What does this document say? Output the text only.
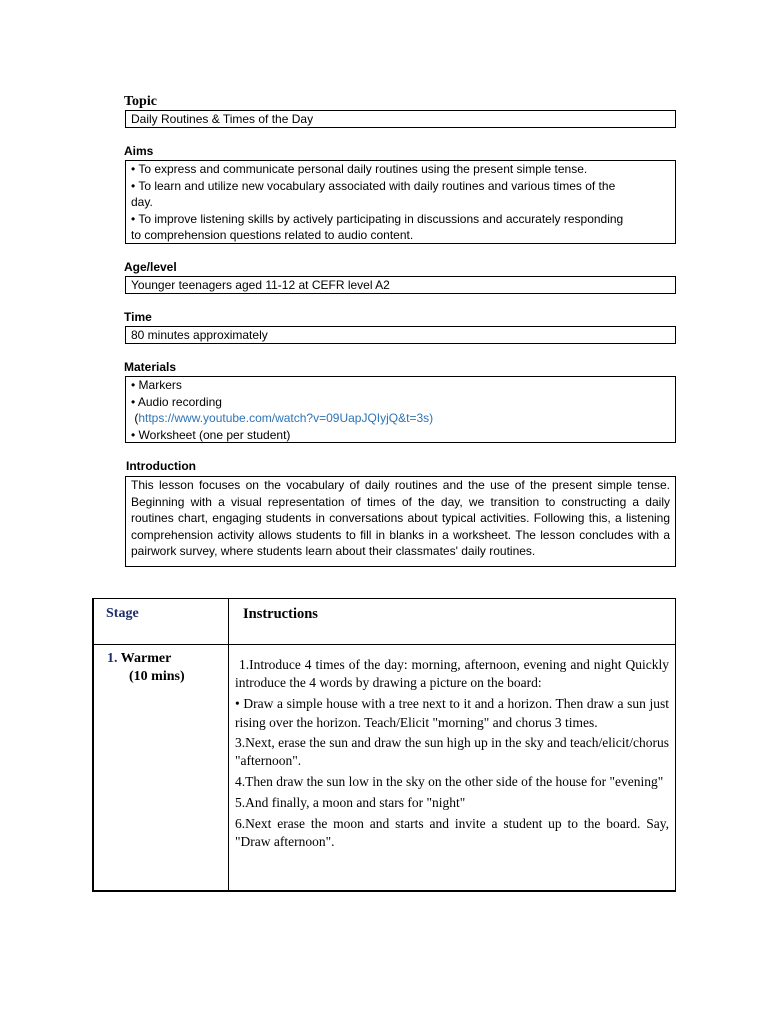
Topic
Daily Routines & Times of the Day
Aims
• To express and communicate personal daily routines using the present simple tense.
• To learn and utilize new vocabulary associated with daily routines and various times of the
day.
• To improve listening skills by actively participating in discussions and accurately responding
to comprehension questions related to audio content.
Age/level
Younger teenagers aged 11-12 at CEFR level A2
Time
80 minutes approximately
Materials
• Markers
• Audio recording
(https://www.youtube.com/watch?v=09UapJQIyjQ&t=3s)
• Worksheet (one per student)
Introduction
This lesson focuses on the vocabulary of daily routines and the use of the present simple tense. Beginning with a visual representation of times of the day, we transition to constructing a daily routines chart, engaging students in conversations about typical activities. Following this, a listening comprehension activity allows students to fill in blanks in a worksheet. The lesson concludes with a pairwork survey, where students learn about their classmates' daily routines.
Stage	Instructions
1. Warmer
(10 mins)

1.Introduce 4 times of the day: morning, afternoon, evening and night Quickly introduce the 4 words by drawing a picture on the board:

• Draw a simple house with a tree next to it and a horizon. Then draw a sun just rising over the horizon. Teach/Elicit "morning" and chorus 3 times.

3.Next, erase the sun and draw the sun high up in the sky and teach/elicit/chorus "afternoon".

4.Then draw the sun low in the sky on the other side of the house for "evening"

5.And finally, a moon and stars for "night"

6.Next erase the moon and starts and invite a student up to the board. Say, "Draw afternoon".
